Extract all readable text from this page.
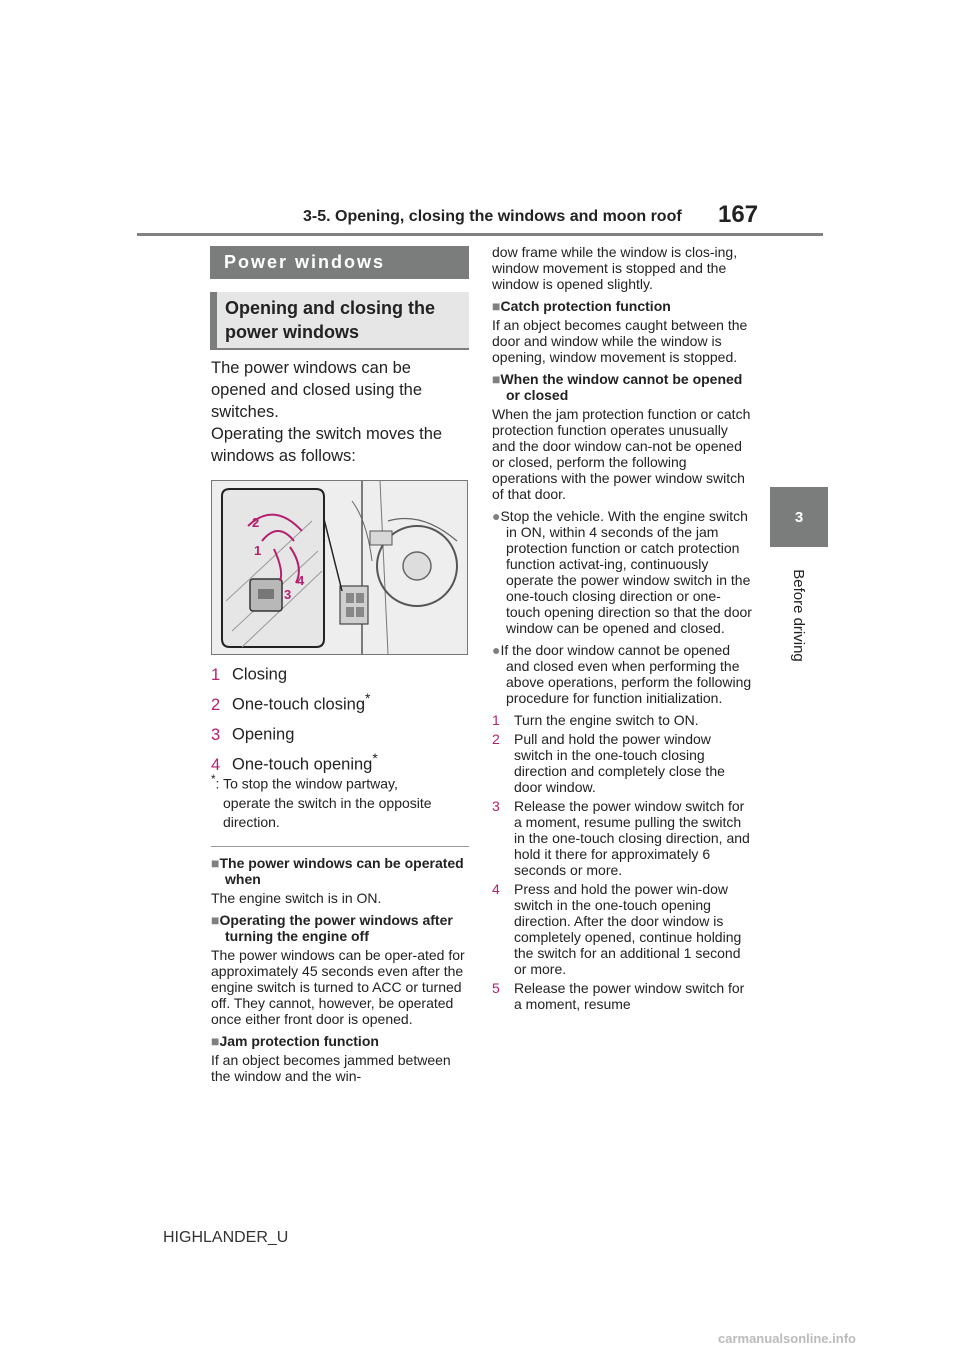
3-5. Opening, closing the windows and moon roof 167
3
Before driving
Power windows
Opening and closing the power windows

The power windows can be opened and closed using the switches.

Operating the switch moves the windows as follows:

1
2
3
4
1 Closing
2 One-touch closing*
3 Opening
4 One-touch opening*
*: To stop the window partway,
operate the switch in the opposite direction.
■The power windows can be operated when
The engine switch is in ON.
■Operating the power windows after turning the engine off
The power windows can be oper-ated for approximately 45 seconds even after the engine switch is turned to ACC or turned off. They cannot, however, be operated once either front door is opened.
■Jam protection function
If an object becomes jammed between the window and the win-
dow frame while the window is clos-ing, window movement is stopped and the window is opened slightly.
■Catch protection function
If an object becomes caught between the door and window while the window is opening, window movement is stopped.
■When the window cannot be opened or closed
When the jam protection function or catch protection function operates unusually and the door window can-not be opened or closed, perform the following operations with the power window switch of that door.
●Stop the vehicle. With the engine switch in ON, within 4 seconds of the jam protection function or catch protection function activat-ing, continuously operate the power window switch in the one-touch closing direction or one-touch opening direction so that the door window can be opened and closed.
●If the door window cannot be opened and closed even when performing the above operations, perform the following procedure for function initialization.
1 Turn the engine switch to ON.
2 Pull and hold the power window switch in the one-touch closing direction and completely close the door window.
3 Release the power window switch for a moment, resume pulling the switch in the one-touch closing direction, and hold it there for approximately 6 seconds or more.
4 Press and hold the power win-dow switch in the one-touch opening direction. After the door window is completely opened, continue holding the switch for an additional 1 second or more.
5 Release the power window switch for a moment, resume
HIGHLANDER_U
carmanualsonline.info
